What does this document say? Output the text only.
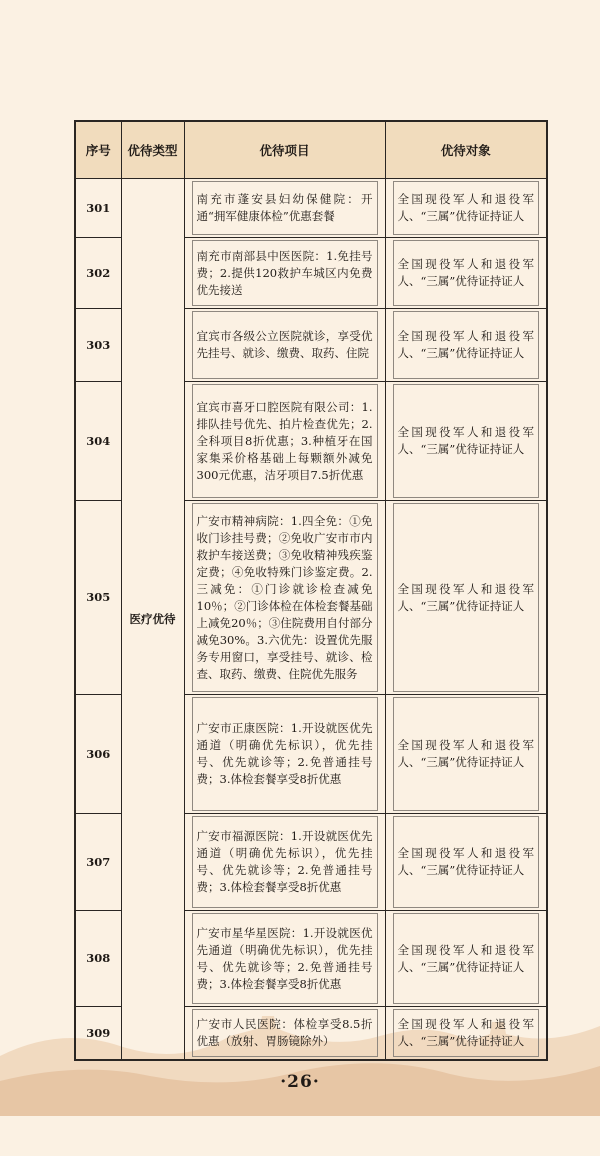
序号	优待类型	优待项目	优待对象
301	医疗优待	南充市蓬安县妇幼保健院：开通“拥军健康体检”优惠套餐	全国现役军人和退役军人、“三属”优待证持证人

302		南充市南部县中医医院：1.免挂号费；2.提供120救护车城区内免费优先接送	全国现役军人和退役军人、“三属”优待证持证人

303		宜宾市各级公立医院就诊，享受优先挂号、就诊、缴费、取药、住院	全国现役军人和退役军人、“三属”优待证持证人

304		宜宾市喜牙口腔医院有限公司：1.排队挂号优先、拍片检查优先；2.全科项目8折优惠；3.种植牙在国家集采价格基础上每颗额外减免300元优惠，洁牙项目7.5折优惠	全国现役军人和退役军人、“三属”优待证持证人

305		广安市精神病院：1.四全免：①免收门诊挂号费；②免收广安市市内救护车接送费；③免收精神残疾鉴定费；④免收特殊门诊鉴定费。2.三减免：①门诊就诊检查减免10％；②门诊体检在体检套餐基础上减免20％；③住院费用自付部分减免30%。3.六优先：设置优先服务专用窗口，享受挂号、就诊、检查、取药、缴费、住院优先服务	全国现役军人和退役军人、“三属”优待证持证人

306		广安市正康医院：1.开设就医优先通道（明确优先标识），优先挂号、优先就诊等；2.免普通挂号费；3.体检套餐享受8折优惠	全国现役军人和退役军人、“三属”优待证持证人

307		广安市福源医院：1.开设就医优先通道（明确优先标识），优先挂号、优先就诊等；2.免普通挂号费；3.体检套餐享受8折优惠	全国现役军人和退役军人、“三属”优待证持证人

308		广安市星华星医院：1.开设就医优先通道（明确优先标识），优先挂号、优先就诊等；2.免普通挂号费；3.体检套餐享受8折优惠	全国现役军人和退役军人、“三属”优待证持证人

309		广安市人民医院：体检享受8.5折优惠（放射、胃肠镜除外）	全国现役军人和退役军人、“三属”优待证持证人
·26·
